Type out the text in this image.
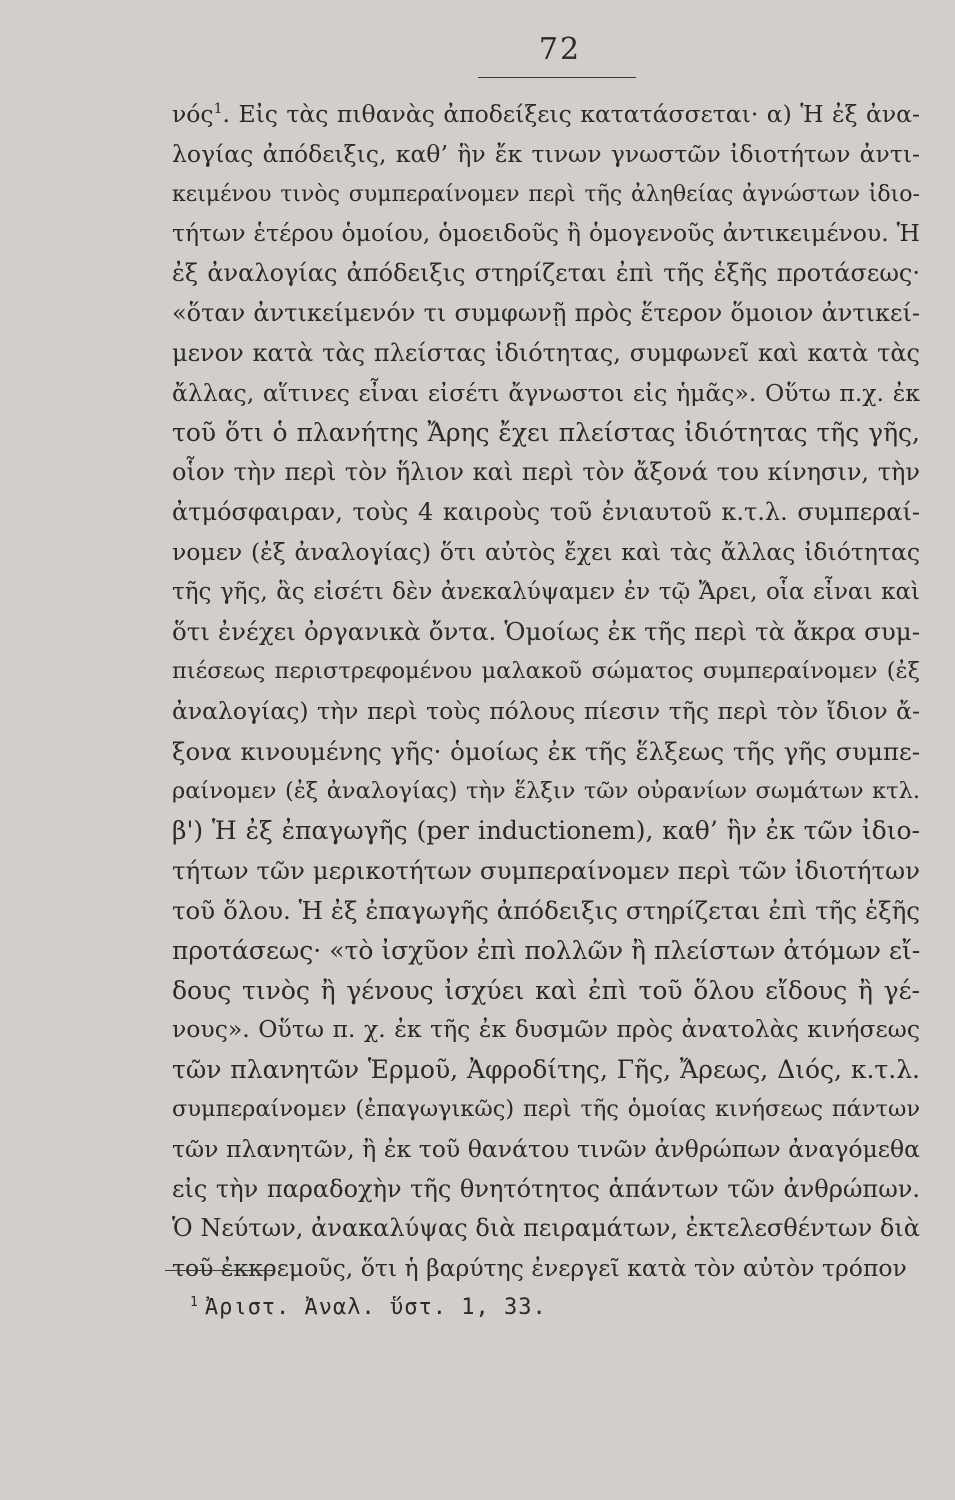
72
νός$^1$. Εἰς τὰς πιθανὰς ἀποδείξεις κατατάσσεται· α) Ἡ ἐξ ἀνα-
λογίας ἀπόδειξις, καθ’ ἣν ἔκ τινων γνωστῶν ἰδιοτήτων ἀντι-
κειμένου τινὸς συμπεραίνομεν περὶ τῆς ἀληθείας ἀγνώστων ἰδιο-
τήτων ἑτέρου ὁμοίου, ὁμοειδοῦς ἢ ὁμογενοῦς ἀντικειμένου. Ἡ
ἐξ ἀναλογίας ἀπόδειξις στηρίζεται ἐπὶ τῆς ἑξῆς προτάσεως·
«ὅταν ἀντικείμενόν τι συμφωνῇ πρὸς ἕτερον ὅμοιον ἀντικεί-
μενον κατὰ τὰς πλείστας ἰδιότητας, συμφωνεῖ καὶ κατὰ τὰς
ἄλλας, αἵτινες εἶναι εἰσέτι ἄγνωστοι εἰς ἡμᾶς». Οὕτω π.χ. ἐκ
τοῦ ὅτι ὁ πλανήτης Ἄρης ἔχει πλείστας ἰδιότητας τῆς γῆς,
οἷον τὴν περὶ τὸν ἥλιον καὶ περὶ τὸν ἄξονά του κίνησιν, τὴν
ἀτμόσφαιραν, τοὺς 4 καιροὺς τοῦ ἐνιαυτοῦ κ.τ.λ. συμπεραί-
νομεν (ἐξ ἀναλογίας) ὅτι αὐτὸς ἔχει καὶ τὰς ἄλλας ἰδιότητας
τῆς γῆς, ἃς εἰσέτι δὲν ἀνεκαλύψαμεν ἐν τῷ Ἄρει, οἷα εἶναι καὶ
ὅτι ἐνέχει ὀργανικὰ ὄντα. Ὁμοίως ἐκ τῆς περὶ τὰ ἄκρα συμ-
πιέσεως περιστρεφομένου μαλακοῦ σώματος συμπεραίνομεν (ἐξ
ἀναλογίας) τὴν περὶ τοὺς πόλους πίεσιν τῆς περὶ τὸν ἴδιον ἄ-
ξονα κινουμένης γῆς· ὁμοίως ἐκ τῆς ἕλξεως τῆς γῆς συμπε-
ραίνομεν (ἐξ ἀναλογίας) τὴν ἕλξιν τῶν οὐρανίων σωμάτων κτλ.
β') Ἡ ἐξ ἐπαγωγῆς (per inductionem), καθ’ ἣν ἐκ τῶν ἰδιο-
τήτων τῶν μερικοτήτων συμπεραίνομεν περὶ τῶν ἰδιοτήτων
τοῦ ὅλου. Ἡ ἐξ ἐπαγωγῆς ἀπόδειξις στηρίζεται ἐπὶ τῆς ἑξῆς
προτάσεως· «τὸ ἰσχῦον ἐπὶ πολλῶν ἢ πλείστων ἀτόμων εἴ-
δους τινὸς ἢ γένους ἰσχύει καὶ ἐπὶ τοῦ ὅλου εἴδους ἢ γέ-
νους». Οὕτω π. χ. ἐκ τῆς ἐκ δυσμῶν πρὸς ἀνατολὰς κινήσεως
τῶν πλανητῶν Ἑρμοῦ, Ἀφροδίτης, Γῆς, Ἄρεως, Διός, κ.τ.λ.
συμπεραίνομεν (ἐπαγωγικῶς) περὶ τῆς ὁμοίας κινήσεως πάντων
τῶν πλανητῶν, ἢ ἐκ τοῦ θανάτου τινῶν ἀνθρώπων ἀναγόμεθα
εἰς τὴν παραδοχὴν τῆς θνητότητος ἁπάντων τῶν ἀνθρώπων.
Ὁ Νεύτων, ἀνακαλύψας διὰ πειραμάτων, ἐκτελεσθέντων διὰ
τοῦ ἐκκρεμοῦς, ὅτι ἡ βαρύτης ἐνεργεῖ κατὰ τὸν αὐτὸν τρόπον
$^1$ Ἀριστ. Ἀναλ. ὕστ. 1, 33.
